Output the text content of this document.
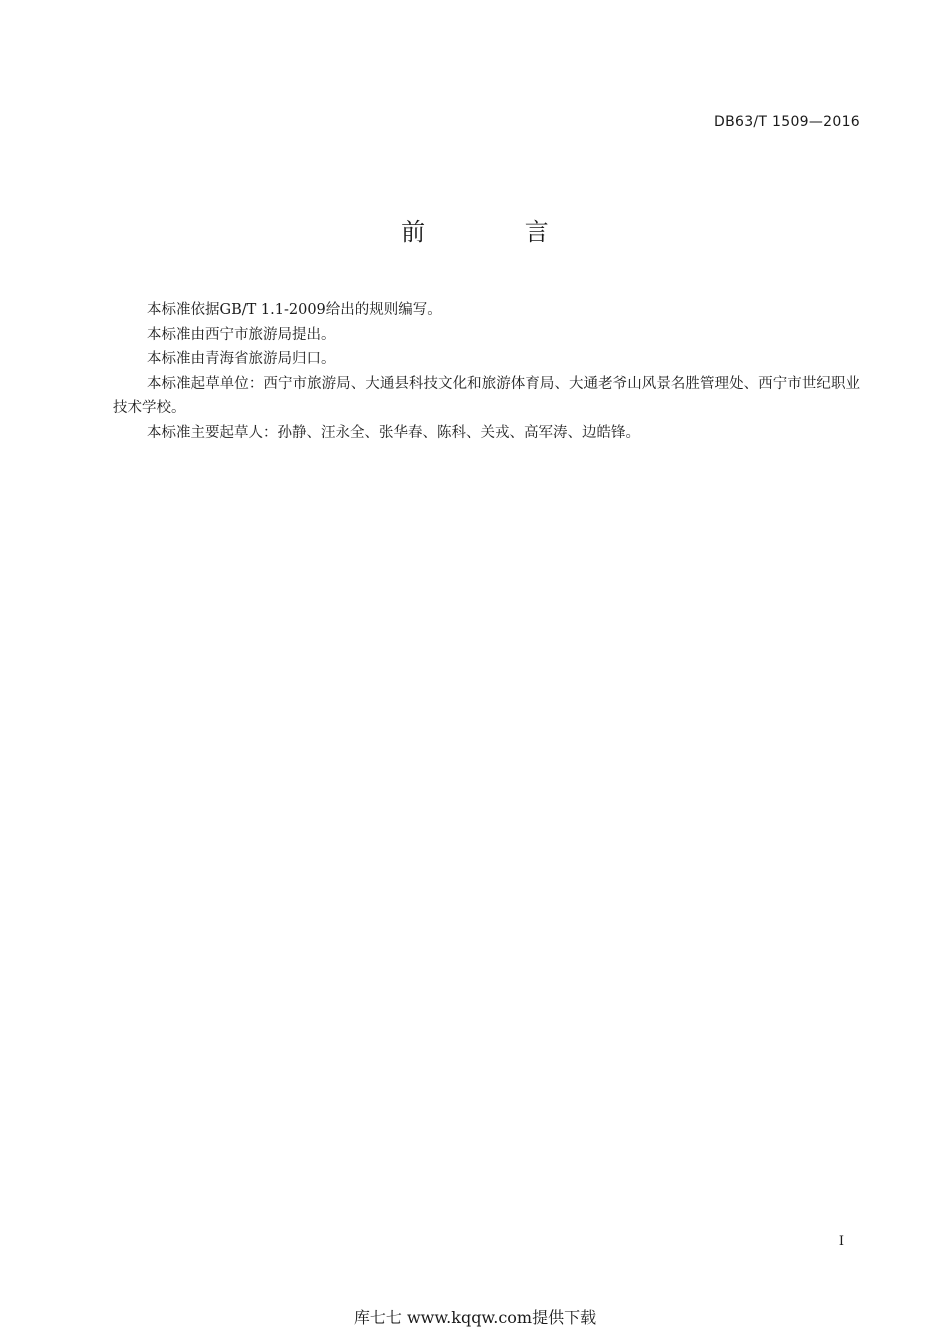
DB63/T 1509—2016
前 言

本标准依据GB/T 1.1-2009给出的规则编写。

本标准由西宁市旅游局提出。

本标准由青海省旅游局归口。

本标准起草单位：西宁市旅游局、大通县科技文化和旅游体育局、大通老爷山风景名胜管理处、西宁市世纪职业技术学校。

本标准主要起草人：孙静、汪永全、张华春、陈科、关戎、高军涛、边皓锋。

I
库七七 www.kqqw.com提供下载
